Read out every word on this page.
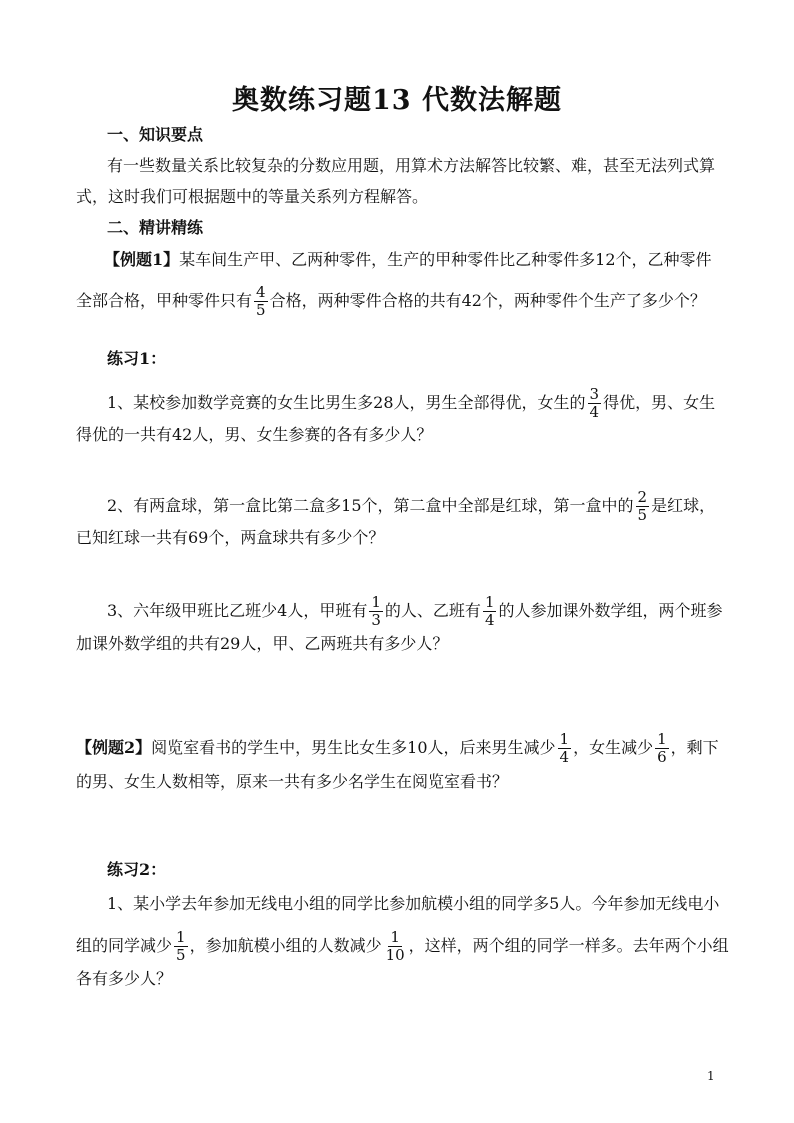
奥数练习题13 代数法解题
一、知识要点
有一些数量关系比较复杂的分数应用题，用算术方法解答比较繁、难，甚至无法列式算
式，这时我们可根据题中的等量关系列方程解答。
二、精讲精练
【例题1】某车间生产甲、乙两种零件，生产的甲种零件比乙种零件多12个，乙种零件
全部合格，甲种零件只有 $\frac{4}{5}$ 合格，两种零件合格的共有42个，两种零件个生产了多少个？
练习1：
1、某校参加数学竞赛的女生比男生多28人，男生全部得优，女生的 $\frac{3}{4}$ 得优，男、女生
得优的一共有42人，男、女生参赛的各有多少人？
2、有两盒球，第一盒比第二盒多15个，第二盒中全部是红球，第一盒中的 $\frac{2}{5}$ 是红球，
已知红球一共有69个，两盒球共有多少个？
3、六年级甲班比乙班少4人，甲班有 $\frac{1}{3}$ 的人、乙班有 $\frac{1}{4}$ 的人参加课外数学组，两个班参
加课外数学组的共有29人，甲、乙两班共有多少人？
【例题2】阅览室看书的学生中，男生比女生多10人，后来男生减少 $\frac{1}{4}$ ，女生减少 $\frac{1}{6}$ ，剩下
的男、女生人数相等，原来一共有多少名学生在阅览室看书？
练习2：
1、某小学去年参加无线电小组的同学比参加航模小组的同学多5人。今年参加无线电小
组的同学减少 $\frac{1}{5}$ ，参加航模小组的人数减少 $\frac{1}{10}$ ，这样，两个组的同学一样多。去年两个小组
各有多少人？
1
